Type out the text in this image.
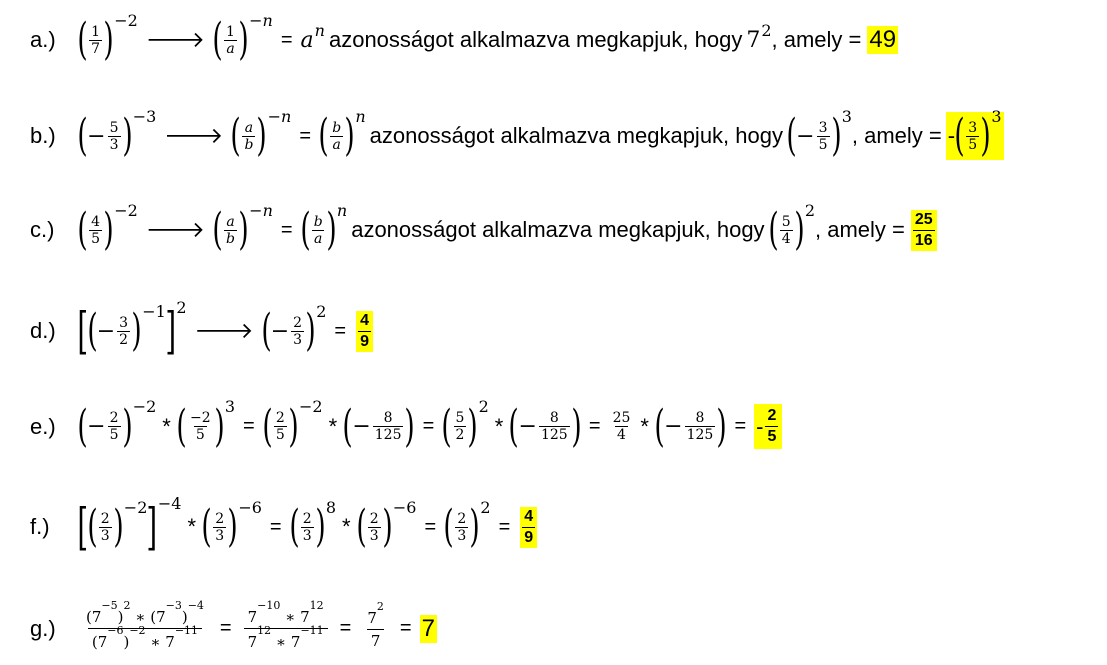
a.) ( $\frac{1}{7} )^{-2}$
🡒 ( $\frac{1}{a} )^{-n}$
= $a^n$ azonosságot alkalmazva megkapjuk, hogy $7^2$ , amely = 49
b.) ( − $\frac{5}{3} )^{-3}$
🡒 ( $\frac{a}{b} )^{-n}$
= ( $\frac{b}{a} )^n$
azonosságot alkalmazva megkapjuk, hogy ( − $\frac{3}{5} )^3$
, amely = - ( $\frac{3}{5} )^3$
c.) ( $\frac{4}{5} )^{-2}$
🡒 ( $\frac{a}{b} )^{-n}$
= ( $\frac{b}{a} )^n$
azonosságot alkalmazva megkapjuk, hogy ( $\frac{5}{4} )^2$
, amely = $\frac{25}{16}$
d.) [
( − $\frac{3}{2} )^{-1}$ ]$^2$
🡒 ( − $\frac{2}{3} )^2$
= $\frac{4}{9}$
e.) ( − $\frac{2}{5} )^{-2}$
* ( $\frac{-2}{5} )^3$
= ( $\frac{2}{5} )^{-2}$
* ( − $\frac{8}{125}$ ) = ( $\frac{5}{2} )^2$
* ( − $\frac{8}{125}$ ) = $\frac{25}{4}$ * ( − $\frac{8}{125}$ ) = - $\frac{2}{5}$
f.) [
( $\frac{2}{3} )^{-2}$ ]$^{-4}$
* ( $\frac{2}{3} )^{-6}$
= ( $\frac{2}{3} )^8$
* ( $\frac{2}{3} )^{-6}$
= ( $\frac{2}{3} )^2$
= $\frac{4}{9}$
g.)	$\frac{(7^{-5})^2 ∗ (7^{-3})^{-4}}{(7^{-6})^{-2} ∗ 7^{-11}} = \frac{7^{-10} ∗ 7^{12}}{7^{12} ∗ 7^{-11}} = \frac{7^2}{7} = 7$
